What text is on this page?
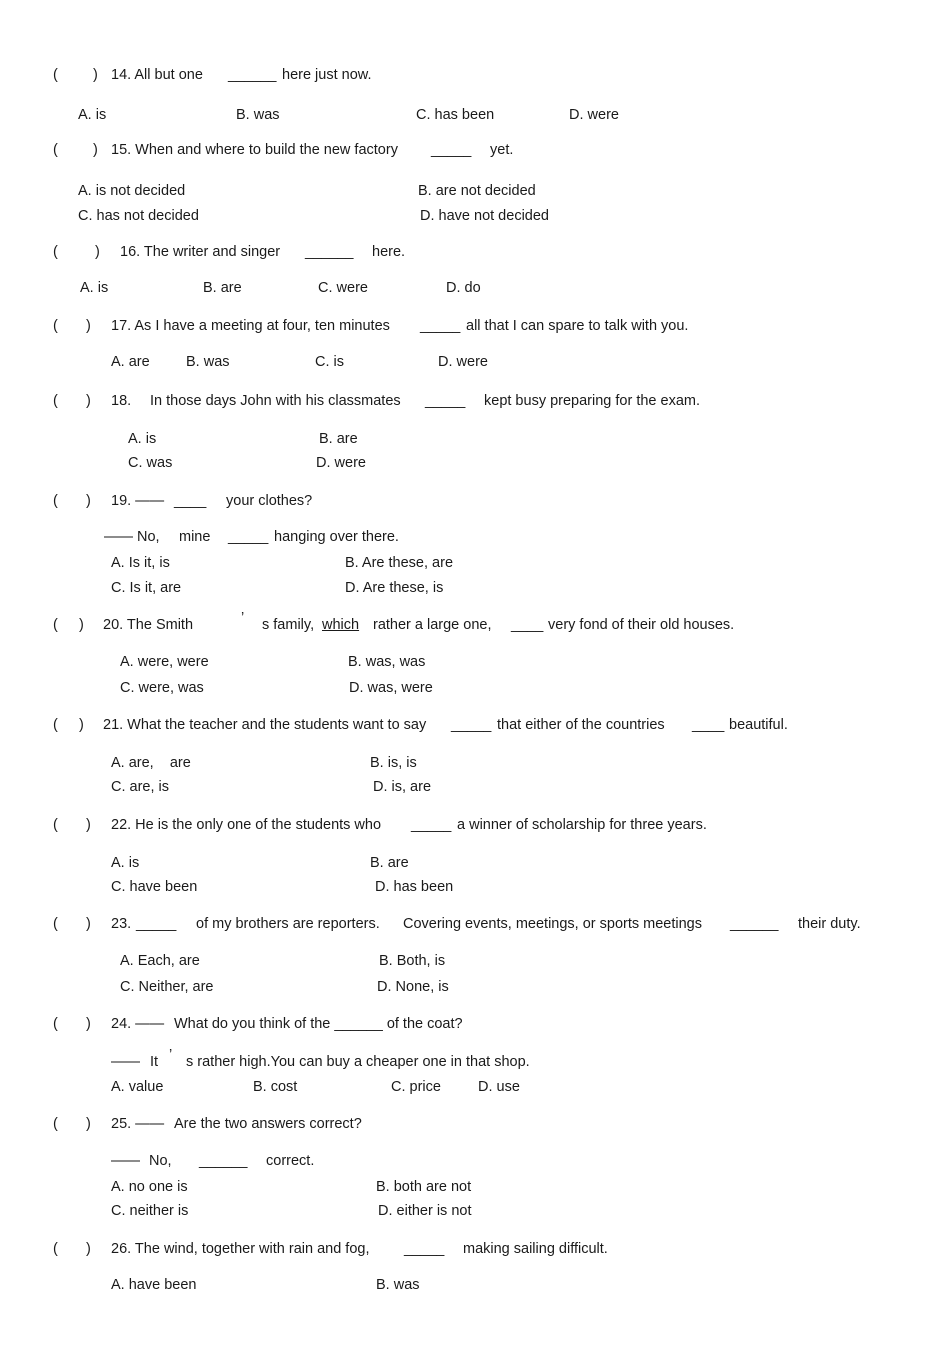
( ) 14. All but one ______ here just now.
A. is	B. was	C. has been	D. were
( ) 15. When and where to build the new factory _____ yet.
A. is not decided	B. are not decided
C. has not decided	D. have not decided
(	) 16. The writer and singer ______ here.
A. is	B. are	C. were	D. do
( ) 17. As I have a meeting at four, ten minutes _____ all that I can spare to talk with you.
A. are	B. was	C. is	D. were
( ) 18. In those days John with his classmates _____ kept busy preparing for the exam.
A. is	B. are
C. was	D. were
( ) 19. —— ____ your clothes?
—— No, mine _____ hanging over there.
A. Is it, is	B. Are these, are
C. Is it, are	D. Are these, is
( ) 20. The Smith	’ s family, which rather a large one, ____ very fond of their old houses.
A. were, were	B. was, was
C. were, was	D. was, were
( ) 21. What the teacher and the students want to say _____ that either of the countries ____ beautiful.
A. are,    are	B. is, is
C. are, is	D. is, are
( ) 22. He is the only one of the students who _____ a winner of scholarship for three years.
A. is	B. are
C. have been	D. has been
( ) 23. _____ of my brothers are reporters. Covering events, meetings, or sports meetings ______ their duty.
A. Each, are	B. Both, is
C. Neither, are	D. None, is
( ) 24. —— What do you think of the ______ of the coat?
—— It ’ s rather high.You can buy a cheaper one in that shop.
A. value	B. cost	C. price	D. use
( ) 25. —— Are the two answers correct?
—— No, ______ correct.
A. no one is	B. both are not
C. neither is	D. either is not
( ) 26. The wind, together with rain and fog, _____ making sailing difficult.
A. have been	B. was
